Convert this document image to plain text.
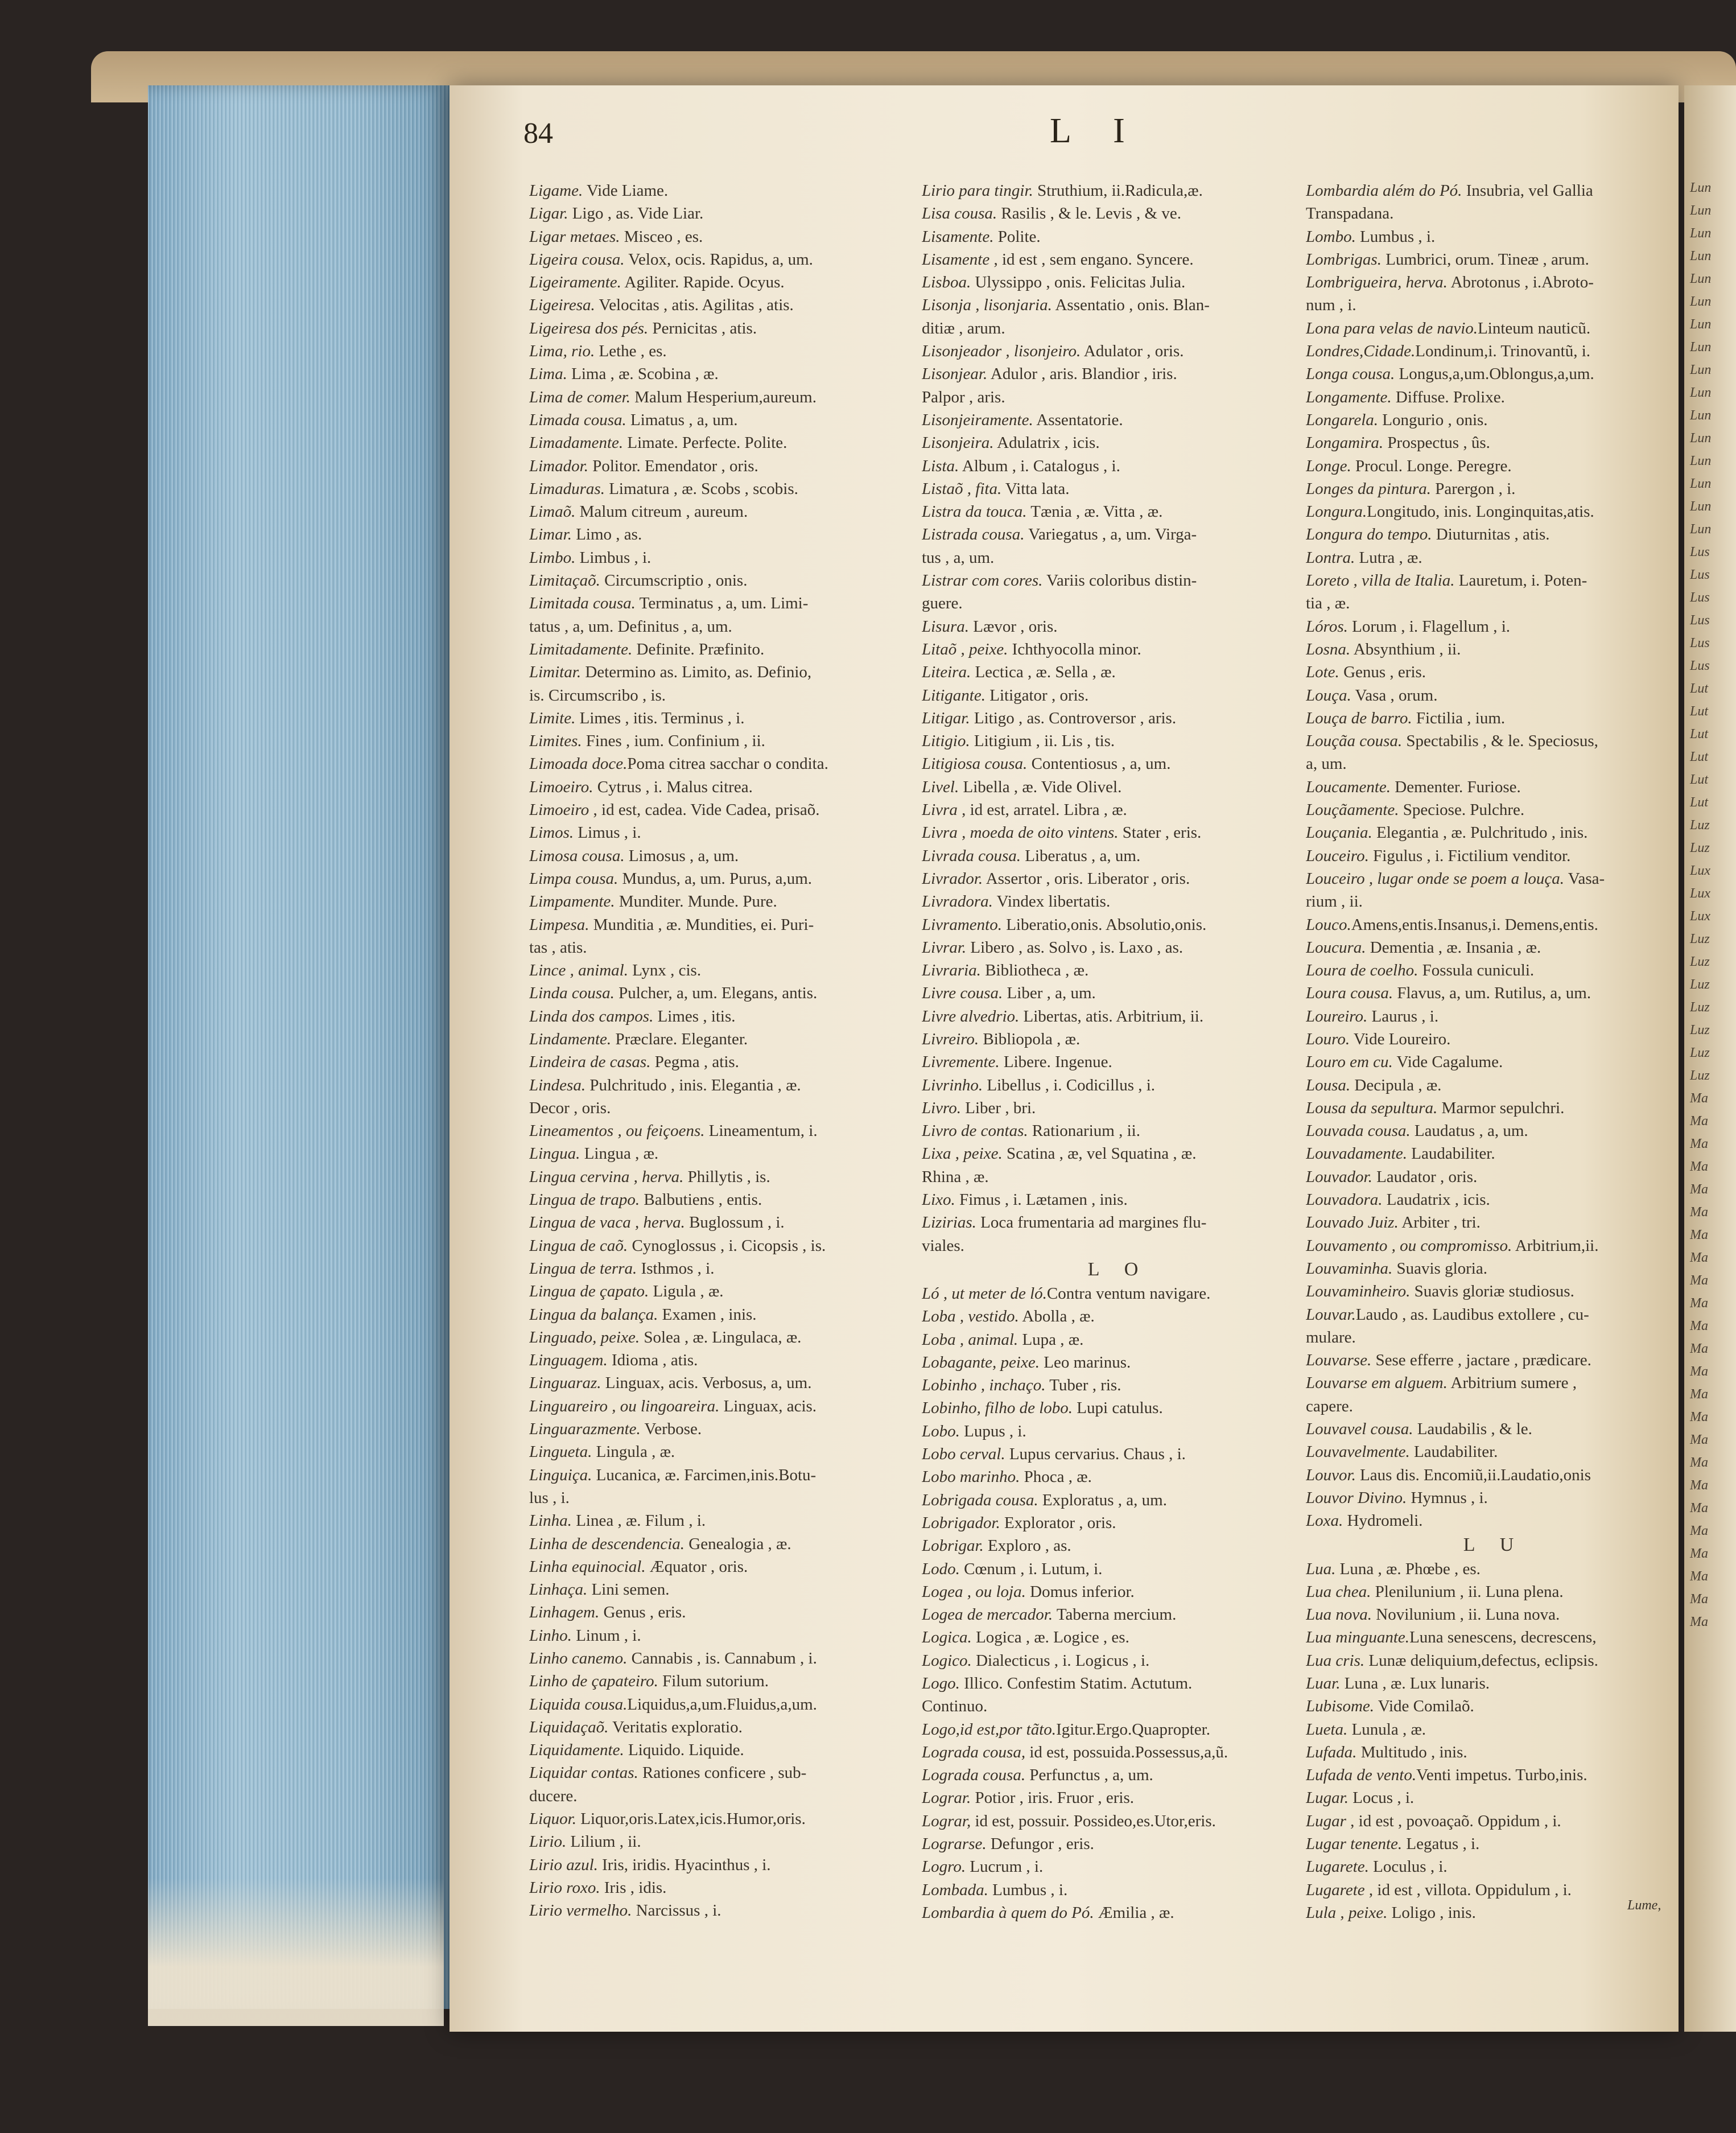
Lun
Lun
Lun
Lun
Lun
Lun
Lun
Lun
Lun
Lun
Lun
Lun
Lun
Lun
Lun
Lun
Lus
Lus
Lus
Lus
Lus
Lus
Lut
Lut
Lut
Lut
Lut
Lut
Luz
Luz
Lux
Lux
Lux
Luz
Luz
Luz
Luz
Luz
Luz
Luz
Ma
Ma
Ma
Ma
Ma
Ma
Ma
Ma
Ma
Ma
Ma
Ma
Ma
Ma
Ma
Ma
Ma
Ma
Ma
Ma
Ma
Ma
Ma
Ma
84	L I
Ligame. Vide Liame.
Ligar. Ligo , as. Vide Liar.
Ligar metaes. Misceo , es.
Ligeira cousa. Velox, ocis. Rapidus, a, um.
Ligeiramente. Agiliter. Rapide. Ocyus.
Ligeiresa. Velocitas , atis. Agilitas , atis.
Ligeiresa dos pés. Pernicitas , atis.
Lima, rio. Lethe , es.
Lima. Lima , æ. Scobina , æ.
Lima de comer. Malum Hesperium,aureum.
Limada cousa. Limatus , a, um.
Limadamente. Limate. Perfecte. Polite.
Limador. Politor. Emendator , oris.
Limaduras. Limatura , æ. Scobs , scobis.
Limaõ. Malum citreum , aureum.
Limar. Limo , as.
Limbo. Limbus , i.
Limitaçaõ. Circumscriptio , onis.
Limitada cousa. Terminatus , a, um. Limi-
tatus , a, um. Definitus , a, um.
Limitadamente. Definite. Præfinito.
Limitar. Determino as. Limito, as. Definio,
is. Circumscribo , is.
Limite. Limes , itis. Terminus , i.
Limites. Fines , ium. Confinium , ii.
Limoada doce.Poma citrea sacchar o condita.
Limoeiro. Cytrus , i. Malus citrea.
Limoeiro , id est, cadea. Vide Cadea, prisaõ.
Limos. Limus , i.
Limosa cousa. Limosus , a, um.
Limpa cousa. Mundus, a, um. Purus, a,um.
Limpamente. Munditer. Munde. Pure.
Limpesa. Munditia , æ. Mundities, ei. Puri-
tas , atis.
Lince , animal. Lynx , cis.
Linda cousa. Pulcher, a, um. Elegans, antis.
Linda dos campos. Limes , itis.
Lindamente. Præclare. Eleganter.
Lindeira de casas. Pegma , atis.
Lindesa. Pulchritudo , inis. Elegantia , æ.
Decor , oris.
Lineamentos , ou feiçoens. Lineamentum, i.
Lingua. Lingua , æ.
Lingua cervina , herva. Phillytis , is.
Lingua de trapo. Balbutiens , entis.
Lingua de vaca , herva. Buglossum , i.
Lingua de caõ. Cynoglossus , i. Cicopsis , is.
Lingua de terra. Isthmos , i.
Lingua de çapato. Ligula , æ.
Lingua da balança. Examen , inis.
Linguado, peixe. Solea , æ. Lingulaca, æ.
Linguagem. Idioma , atis.
Linguaraz. Linguax, acis. Verbosus, a, um.
Linguareiro , ou lingoareira. Linguax, acis.
Linguarazmente. Verbose.
Lingueta. Lingula , æ.
Linguiça. Lucanica, æ. Farcimen,inis.Botu-
lus , i.
Linha. Linea , æ. Filum , i.
Linha de descendencia. Genealogia , æ.
Linha equinocial. Æquator , oris.
Linhaça. Lini semen.
Linhagem. Genus , eris.
Linho. Linum , i.
Linho canemo. Cannabis , is. Cannabum , i.
Linho de çapateiro. Filum sutorium.
Liquida cousa.Liquidus,a,um.Fluidus,a,um.
Liquidaçaõ. Veritatis exploratio.
Liquidamente. Liquido. Liquide.
Liquidar contas. Rationes conficere , sub-
ducere.
Liquor. Liquor,oris.Latex,icis.Humor,oris.
Lirio. Lilium , ii.
Lirio azul. Iris, iridis. Hyacinthus , i.
Lirio roxo. Iris , idis.
Lirio vermelho. Narcissus , i.
Lirio para tingir. Struthium, ii.Radicula,æ.
Lisa cousa. Rasilis , & le. Levis , & ve.
Lisamente. Polite.
Lisamente , id est , sem engano. Syncere.
Lisboa. Ulyssippo , onis. Felicitas Julia.
Lisonja , lisonjaria. Assentatio , onis. Blan-
ditiæ , arum.
Lisonjeador , lisonjeiro. Adulator , oris.
Lisonjear. Adulor , aris. Blandior , iris.
Palpor , aris.
Lisonjeiramente. Assentatorie.
Lisonjeira. Adulatrix , icis.
Lista. Album , i. Catalogus , i.
Listaõ , fita. Vitta lata.
Listra da touca. Tænia , æ. Vitta , æ.
Listrada cousa. Variegatus , a, um. Virga-
tus , a, um.
Listrar com cores. Variis coloribus distin-
guere.
Lisura. Lævor , oris.
Litaõ , peixe. Ichthyocolla minor.
Liteira. Lectica , æ. Sella , æ.
Litigante. Litigator , oris.
Litigar. Litigo , as. Controversor , aris.
Litigio. Litigium , ii. Lis , tis.
Litigiosa cousa. Contentiosus , a, um.
Livel. Libella , æ. Vide Olivel.
Livra , id est, arratel. Libra , æ.
Livra , moeda de oito vintens. Stater , eris.
Livrada cousa. Liberatus , a, um.
Livrador. Assertor , oris. Liberator , oris.
Livradora. Vindex libertatis.
Livramento. Liberatio,onis. Absolutio,onis.
Livrar. Libero , as. Solvo , is. Laxo , as.
Livraria. Bibliotheca , æ.
Livre cousa. Liber , a, um.
Livre alvedrio. Libertas, atis. Arbitrium, ii.
Livreiro. Bibliopola , æ.
Livremente. Libere. Ingenue.
Livrinho. Libellus , i. Codicillus , i.
Livro. Liber , bri.
Livro de contas. Rationarium , ii.
Lixa , peixe. Scatina , æ, vel Squatina , æ.
Rhina , æ.
Lixo. Fimus , i. Lætamen , inis.
Lizirias. Loca frumentaria ad margines flu-
viales.
L O
Ló , ut meter de ló.Contra ventum navigare.
Loba , vestido. Abolla , æ.
Loba , animal. Lupa , æ.
Lobagante, peixe. Leo marinus.
Lobinho , inchaço. Tuber , ris.
Lobinho, filho de lobo. Lupi catulus.
Lobo. Lupus , i.
Lobo cerval. Lupus cervarius. Chaus , i.
Lobo marinho. Phoca , æ.
Lobrigada cousa. Exploratus , a, um.
Lobrigador. Explorator , oris.
Lobrigar. Exploro , as.
Lodo. Cœnum , i. Lutum, i.
Logea , ou loja. Domus inferior.
Logea de mercador. Taberna mercium.
Logica. Logica , æ. Logice , es.
Logico. Dialecticus , i. Logicus , i.
Logo. Illico. Confestim Statim. Actutum.
Continuo.
Logo,id est,por tãto.Igitur.Ergo.Quapropter.
Lograda cousa, id est, possuida.Possessus,a,ũ.
Lograda cousa. Perfunctus , a, um.
Lograr. Potior , iris. Fruor , eris.
Lograr, id est, possuir. Possideo,es.Utor,eris.
Lograrse. Defungor , eris.
Logro. Lucrum , i.
Lombada. Lumbus , i.
Lombardia à quem do Pó. Æmilia , æ.
Lombardia além do Pó. Insubria, vel Gallia
Transpadana.
Lombo. Lumbus , i.
Lombrigas. Lumbrici, orum. Tineæ , arum.
Lombrigueira, herva. Abrotonus , i.Abroto-
num , i.
Lona para velas de navio.Linteum nauticũ.
Londres,Cidade.Londinum,i. Trinovantũ, i.
Longa cousa. Longus,a,um.Oblongus,a,um.
Longamente. Diffuse. Prolixe.
Longarela. Longurio , onis.
Longamira. Prospectus , ûs.
Longe. Procul. Longe. Peregre.
Longes da pintura. Parergon , i.
Longura.Longitudo, inis. Longinquitas,atis.
Longura do tempo. Diuturnitas , atis.
Lontra. Lutra , æ.
Loreto , villa de Italia. Lauretum, i. Poten-
tia , æ.
Lóros. Lorum , i. Flagellum , i.
Losna. Absynthium , ii.
Lote. Genus , eris.
Louça. Vasa , orum.
Louça de barro. Fictilia , ium.
Louçãa cousa. Spectabilis , & le. Speciosus,
a, um.
Loucamente. Dementer. Furiose.
Louçãamente. Speciose. Pulchre.
Louçania. Elegantia , æ. Pulchritudo , inis.
Louceiro. Figulus , i. Fictilium venditor.
Louceiro , lugar onde se poem a louça. Vasa-
rium , ii.
Louco.Amens,entis.Insanus,i. Demens,entis.
Loucura. Dementia , æ. Insania , æ.
Loura de coelho. Fossula cuniculi.
Loura cousa. Flavus, a, um. Rutilus, a, um.
Loureiro. Laurus , i.
Louro. Vide Loureiro.
Louro em cu. Vide Cagalume.
Lousa. Decipula , æ.
Lousa da sepultura. Marmor sepulchri.
Louvada cousa. Laudatus , a, um.
Louvadamente. Laudabiliter.
Louvador. Laudator , oris.
Louvadora. Laudatrix , icis.
Louvado Juiz. Arbiter , tri.
Louvamento , ou compromisso. Arbitrium,ii.
Louvaminha. Suavis gloria.
Louvaminheiro. Suavis gloriæ studiosus.
Louvar.Laudo , as. Laudibus extollere , cu-
mulare.
Louvarse. Sese efferre , jactare , prædicare.
Louvarse em alguem. Arbitrium sumere ,
capere.
Louvavel cousa. Laudabilis , & le.
Louvavelmente. Laudabiliter.
Louvor. Laus dis. Encomiũ,ii.Laudatio,onis
Louvor Divino. Hymnus , i.
Loxa. Hydromeli.
L U
Lua. Luna , æ. Phœbe , es.
Lua chea. Plenilunium , ii. Luna plena.
Lua nova. Novilunium , ii. Luna nova.
Lua minguante.Luna senescens, decrescens,
Lua cris. Lunæ deliquium,defectus, eclipsis.
Luar. Luna , æ. Lux lunaris.
Lubisome. Vide Comilaõ.
Lueta. Lunula , æ.
Lufada. Multitudo , inis.
Lufada de vento.Venti impetus. Turbo,inis.
Lugar. Locus , i.
Lugar , id est , povoaçaõ. Oppidum , i.
Lugar tenente. Legatus , i.
Lugarete. Loculus , i.
Lugarete , id est , villota. Oppidulum , i.
Lula , peixe. Loligo , inis.	Lume,
